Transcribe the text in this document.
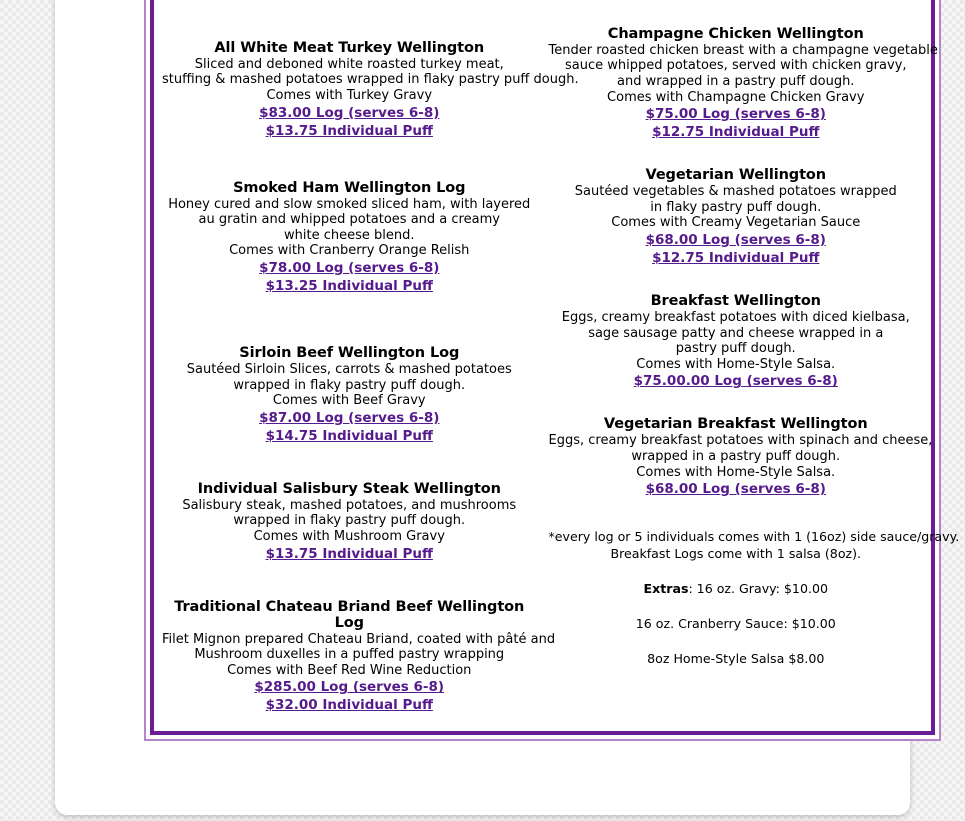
All White Meat Turkey Wellington
Sliced and deboned white roasted turkey meat,
stuffing & mashed potatoes wrapped in flaky pastry puff dough.
Comes with Turkey Gravy
$83.00 Log (serves 6-8)
$13.75 Individual Puff
Smoked Ham Wellington Log
Honey cured and slow smoked sliced ham, with layered
au gratin and whipped potatoes and a creamy
white cheese blend.
Comes with Cranberry Orange Relish
$78.00 Log (serves 6-8)
$13.25 Individual Puff
Sirloin Beef Wellington Log
Sautéed Sirloin Slices, carrots & mashed potatoes
wrapped in flaky pastry puff dough.
Comes with Beef Gravy
$87.00 Log (serves 6-8)
$14.75 Individual Puff
Individual Salisbury Steak Wellington
Salisbury steak, mashed potatoes, and mushrooms
wrapped in flaky pastry puff dough.
Comes with Mushroom Gravy
$13.75 Individual Puff
Traditional Chateau Briand Beef Wellington Log
Filet Mignon prepared Chateau Briand, coated with pâté and
Mushroom duxelles in a puffed pastry wrapping
Comes with Beef Red Wine Reduction
$285.00 Log (serves 6-8)
$32.00 Individual Puff
Champagne Chicken Wellington
Tender roasted chicken breast with a champagne vegetable
sauce whipped potatoes, served with chicken gravy,
and wrapped in a pastry puff dough.
Comes with Champagne Chicken Gravy
$75.00 Log (serves 6-8)
$12.75 Individual Puff
Vegetarian Wellington
Sautéed vegetables & mashed potatoes wrapped
in flaky pastry puff dough.
Comes with Creamy Vegetarian Sauce
$68.00 Log (serves 6-8)
$12.75 Individual Puff
Breakfast Wellington
Eggs, creamy breakfast potatoes with diced kielbasa,
sage sausage patty and cheese wrapped in a
pastry puff dough.
Comes with Home-Style Salsa.
$75.00.00 Log (serves 6-8)
Vegetarian Breakfast Wellington
Eggs, creamy breakfast potatoes with spinach and cheese,
wrapped in a pastry puff dough.
Comes with Home-Style Salsa.
$68.00 Log (serves 6-8)
*every log or 5 individuals comes with 1 (16oz) side sauce/gravy.
Breakfast Logs come with 1 salsa (8oz).
Extras: 16 oz. Gravy: $10.00
16 oz. Cranberry Sauce: $10.00
8oz Home-Style Salsa $8.00
